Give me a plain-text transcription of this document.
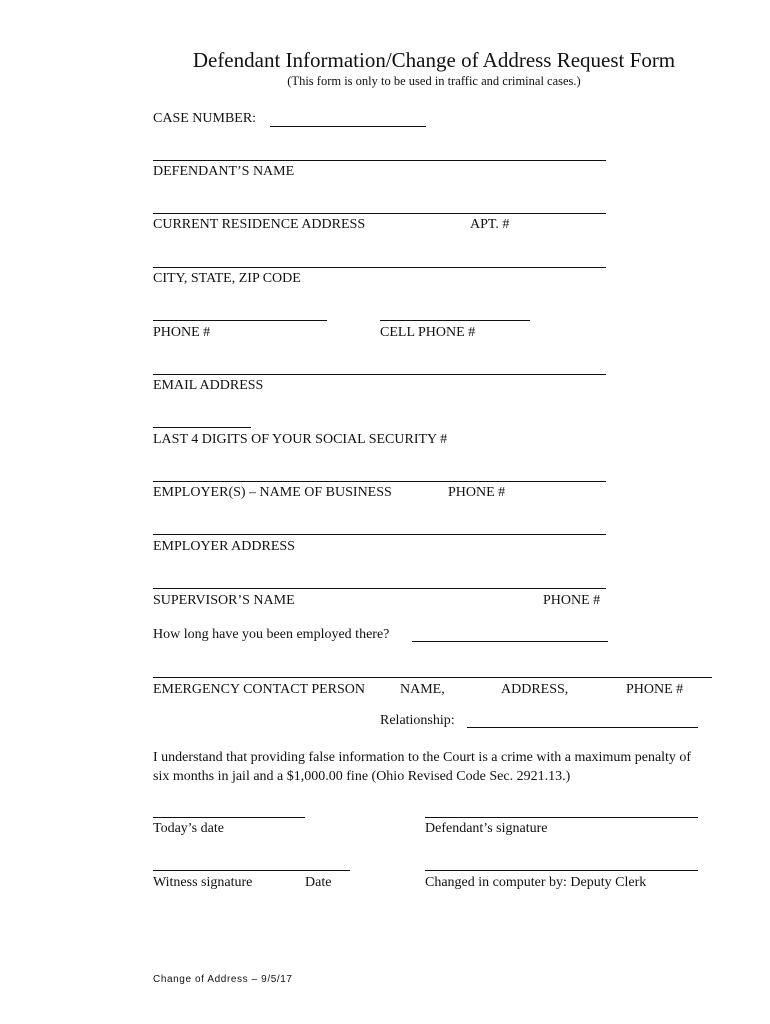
Defendant Information/Change of Address Request Form
(This form is only to be used in traffic and criminal cases.)
CASE NUMBER:
DEFENDANT’S NAME
CURRENT RESIDENCE ADDRESS	APT. #
CITY, STATE, ZIP CODE
PHONE #	CELL PHONE #
EMAIL ADDRESS
LAST 4 DIGITS OF YOUR SOCIAL SECURITY #
EMPLOYER(S) – NAME OF BUSINESS	PHONE #
EMPLOYER ADDRESS
SUPERVISOR’S NAME	PHONE #
How long have you been employed there?
EMERGENCY CONTACT PERSON NAME,	ADDRESS,	PHONE #
Relationship:
I understand that providing false information to the Court is a crime with a maximum penalty of six months in jail and a $1,000.00 fine (Ohio Revised Code Sec. 2921.13.)
Today’s date	Defendant’s signature
Witness signature	Date	Changed in computer by: Deputy Clerk
Change of Address – 9/5/17
